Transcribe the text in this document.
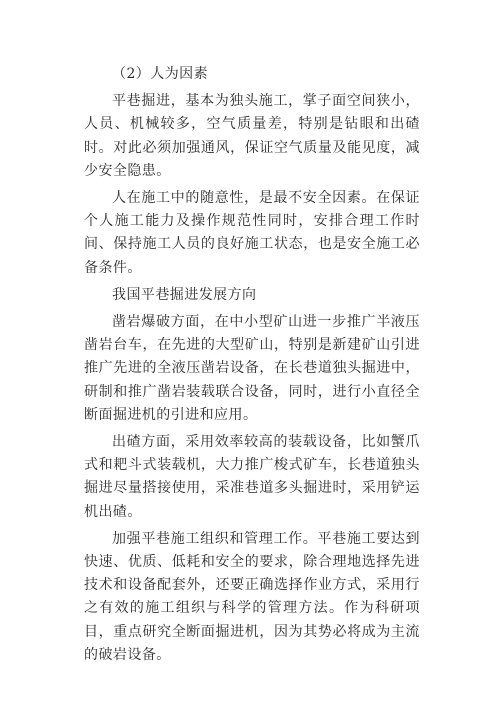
（2）人为因素

平巷掘进，基本为独头施工，掌子面空间狭小，人员、机械较多，空气质量差，特别是钻眼和出碴时。对此必须加强通风，保证空气质量及能见度，减少安全隐患。

人在施工中的随意性，是最不安全因素。在保证个人施工能力及操作规范性同时，安排合理工作时间、保持施工人员的良好施工状态，也是安全施工必备条件。

我国平巷掘进发展方向

凿岩爆破方面，在中小型矿山进一步推广半液压凿岩台车，在先进的大型矿山，特别是新建矿山引进推广先进的全液压凿岩设备，在长巷道独头掘进中，研制和推广凿岩装载联合设备，同时，进行小直径全断面掘进机的引进和应用。

出碴方面，采用效率较高的装载设备，比如蟹爪式和耙斗式装载机，大力推广梭式矿车，长巷道独头掘进尽量搭接使用，采准巷道多头掘进时，采用铲运机出碴。

加强平巷施工组织和管理工作。平巷施工要达到快速、优质、低耗和安全的要求，除合理地选择先进技术和设备配套外，还要正确选择作业方式，采用行之有效的施工组织与科学的管理方法。作为科研项目，重点研究全断面掘进机，因为其势必将成为主流的破岩设备。
